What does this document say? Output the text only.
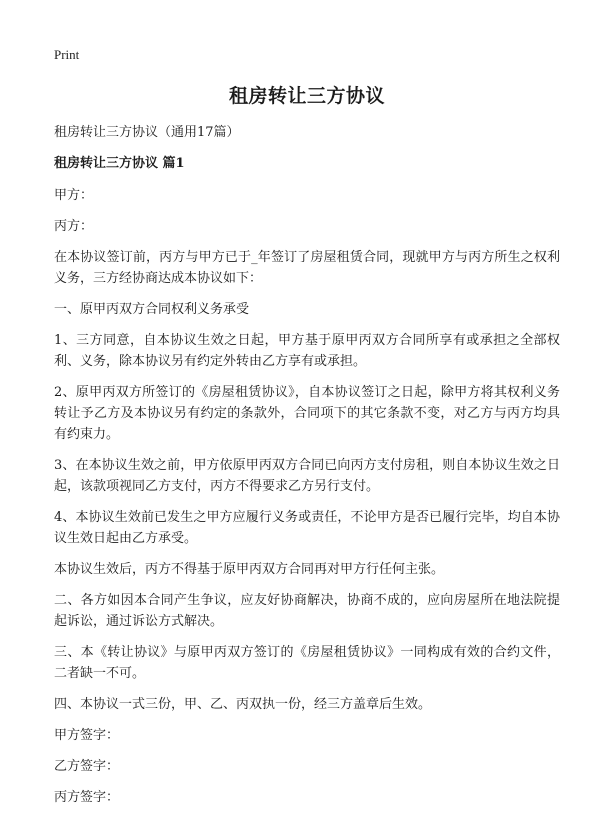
Print
租房转让三方协议

租房转让三方协议（通用17篇）

租房转让三方协议 篇1

甲方：

丙方：

在本协议签订前，丙方与甲方已于_年签订了房屋租赁合同，现就甲方与丙方所生之权利义务，三方经协商达成本协议如下：

一、原甲丙双方合同权利义务承受

1、三方同意，自本协议生效之日起，甲方基于原甲丙双方合同所享有或承担之全部权利、义务，除本协议另有约定外转由乙方享有或承担。

2、原甲丙双方所签订的《房屋租赁协议》，自本协议签订之日起，除甲方将其权利义务转让予乙方及本协议另有约定的条款外，合同项下的其它条款不变，对乙方与丙方均具有约束力。

3、在本协议生效之前，甲方依原甲丙双方合同已向丙方支付房租，则自本协议生效之日起，该款项视同乙方支付，丙方不得要求乙方另行支付。

4、本协议生效前已发生之甲方应履行义务或责任，不论甲方是否已履行完毕，均自本协议生效日起由乙方承受。

本协议生效后，丙方不得基于原甲丙双方合同再对甲方行任何主张。

二、各方如因本合同产生争议，应友好协商解决，协商不成的，应向房屋所在地法院提起诉讼，通过诉讼方式解决。

三、本《转让协议》与原甲丙双方签订的《房屋租赁协议》一同构成有效的合约文件，二者缺一不可。

四、本协议一式三份，甲、乙、丙双执一份，经三方盖章后生效。

甲方签字：

乙方签字：

丙方签字：
